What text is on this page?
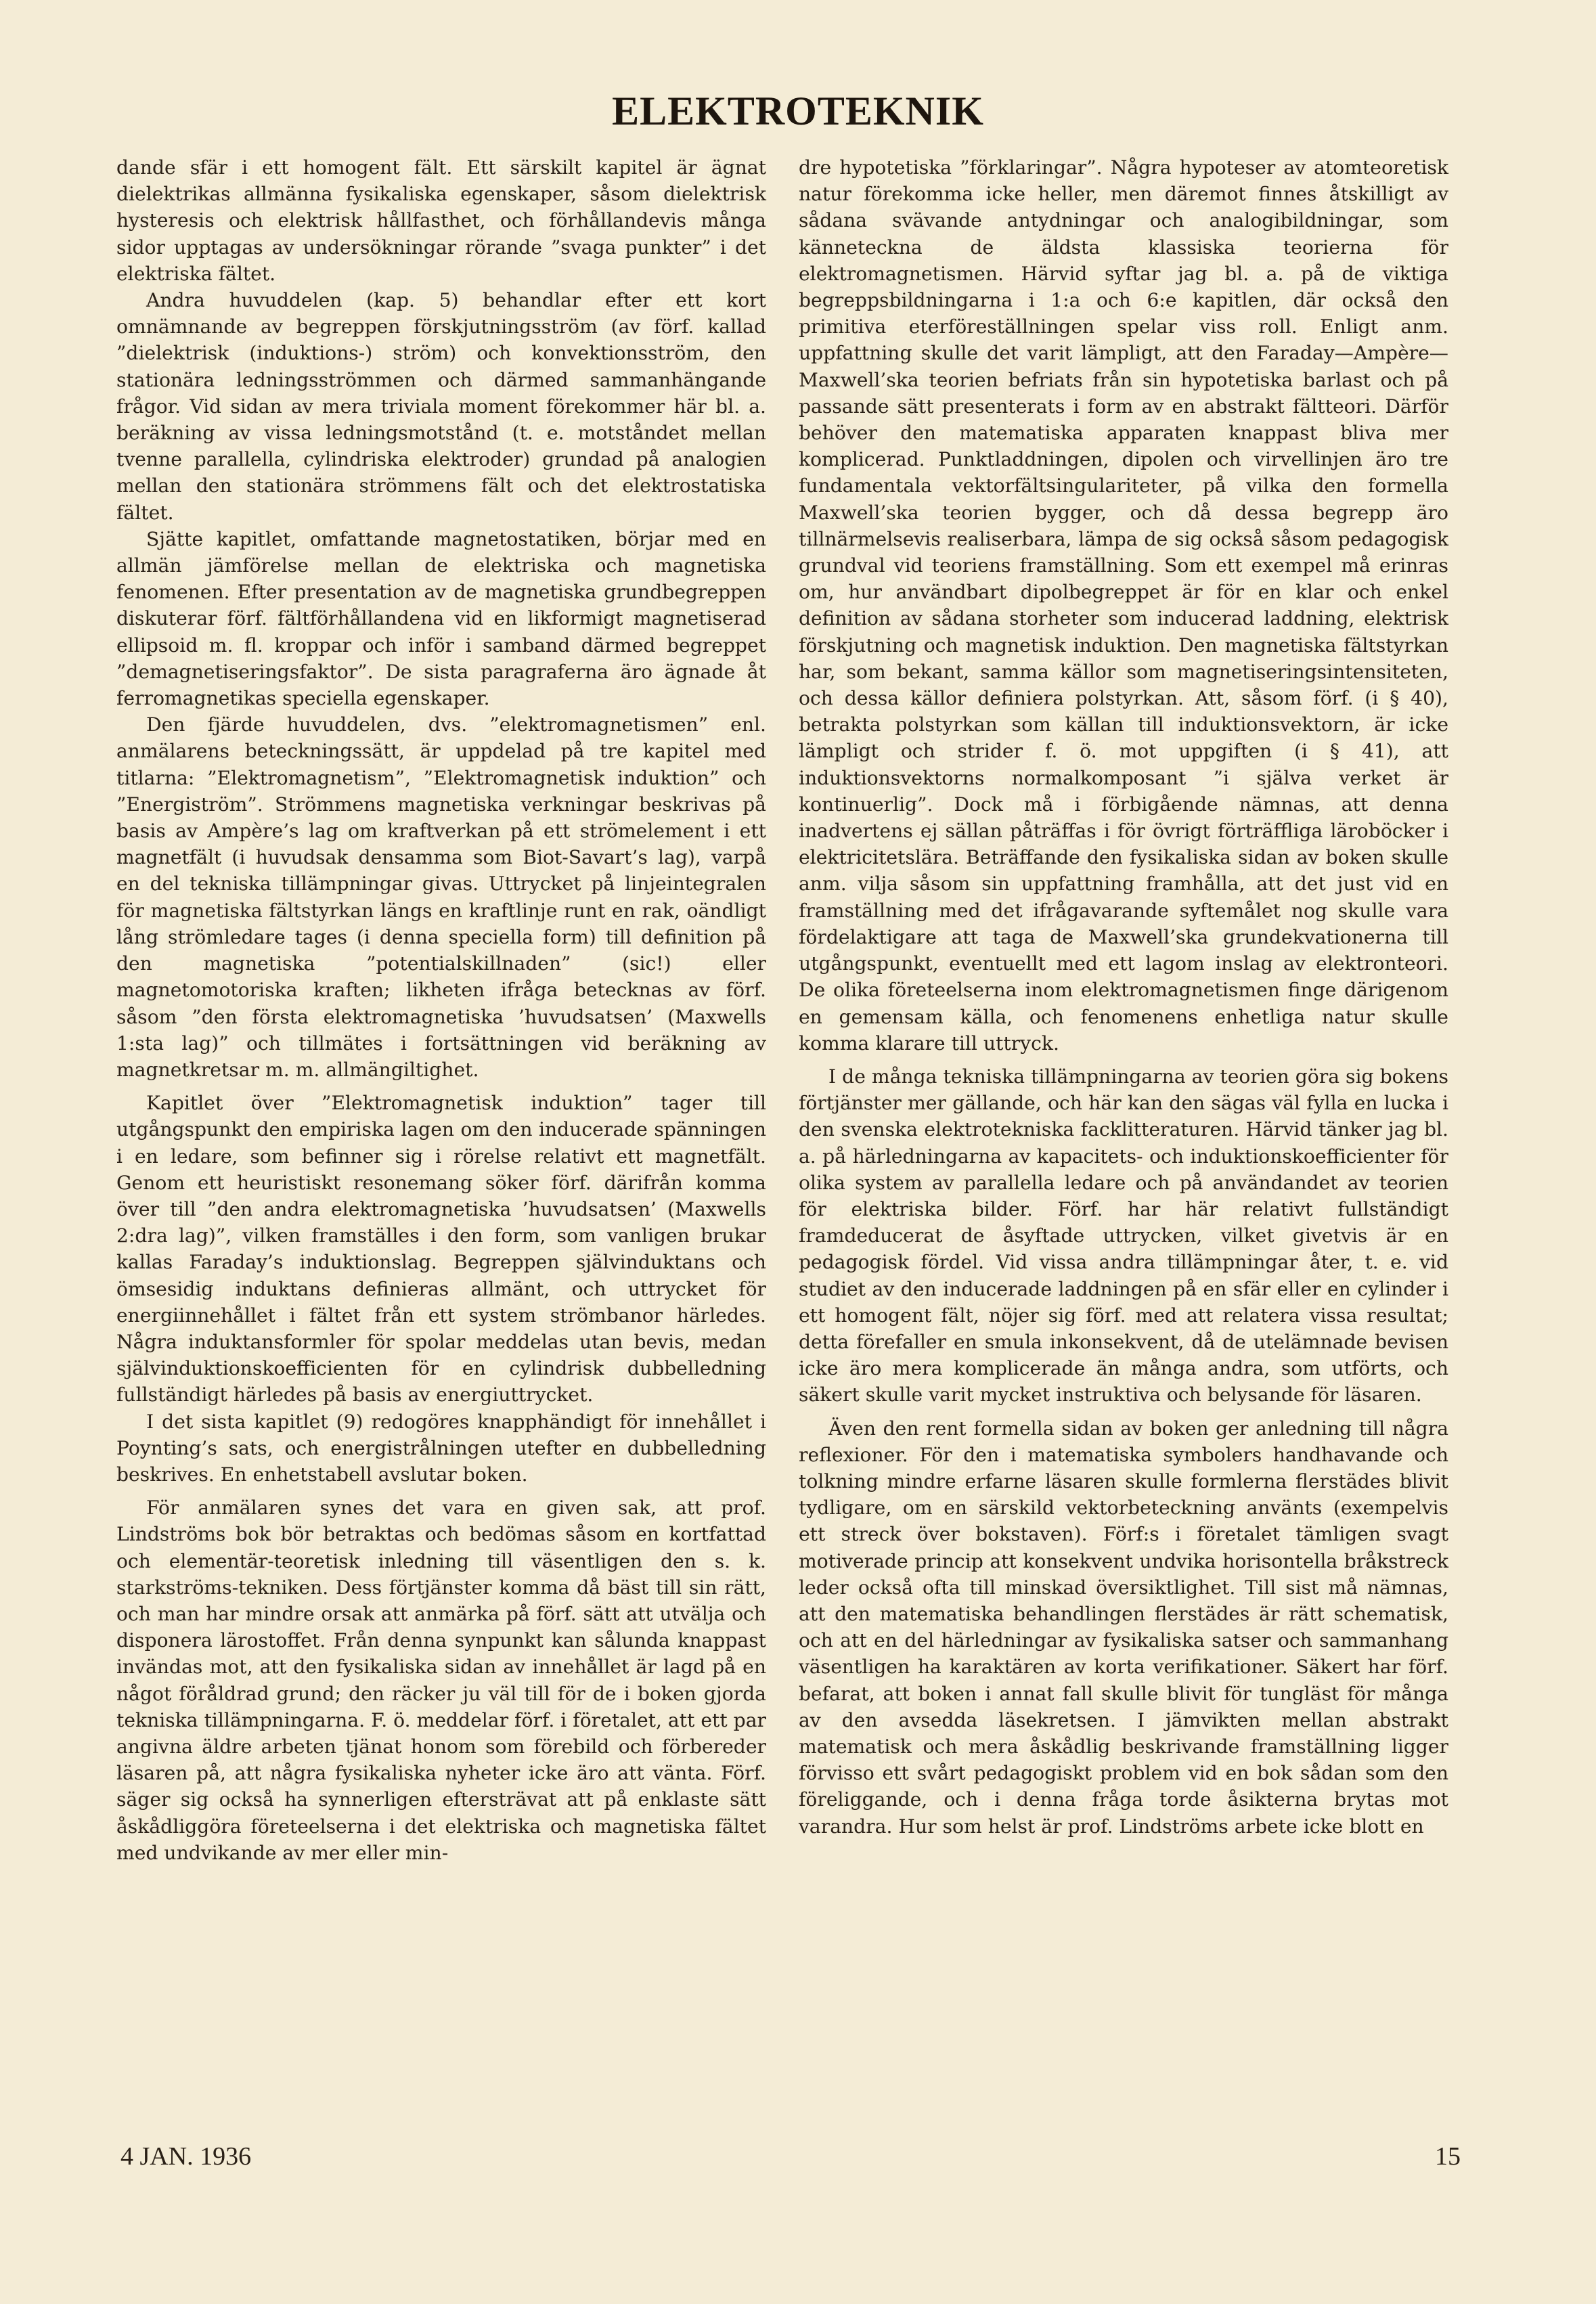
ELEKTROTEKNIK

dande sfär i ett homogent fält. Ett särskilt kapitel är ägnat dielektrikas allmänna fysikaliska egenskaper, såsom dielektrisk hysteresis och elektrisk hållfasthet, och förhållandevis många sidor upptagas av undersökningar rörande ”svaga punkter” i det elektriska fältet.

Andra huvuddelen (kap. 5) behandlar efter ett kort omnämnande av begreppen förskjutningsström (av förf. kallad ”dielektrisk (induktions-) ström) och konvektionsström, den stationära ledningsströmmen och därmed sammanhängande frågor. Vid sidan av mera triviala moment förekommer här bl. a. beräkning av vissa ledningsmotstånd (t. e. motståndet mellan tvenne parallella, cylindriska elektroder) grundad på analogien mellan den stationära strömmens fält och det elektrostatiska fältet.

Sjätte kapitlet, omfattande magnetostatiken, börjar med en allmän jämförelse mellan de elektriska och magnetiska fenomenen. Efter presentation av de magnetiska grundbegreppen diskuterar förf. fältförhållandena vid en likformigt magnetiserad ellipsoid m. fl. kroppar och inför i samband därmed begreppet ”demagnetiseringsfaktor”. De sista paragraferna äro ägnade åt ferromagnetikas speciella egenskaper.

Den fjärde huvuddelen, dvs. ”elektromagnetismen” enl. anmälarens beteckningssätt, är uppdelad på tre kapitel med titlarna: ”Elektromagnetism”, ”Elektromagnetisk induktion” och ”Energiström”. Strömmens magnetiska verkningar beskrivas på basis av Ampère’s lag om kraftverkan på ett strömelement i ett magnetfält (i huvudsak densamma som Biot-Savart’s lag), varpå en del tekniska tillämpningar givas. Uttrycket på linjeintegralen för magnetiska fältstyrkan längs en kraftlinje runt en rak, oändligt lång strömledare tages (i denna speciella form) till definition på den magnetiska ”potentialskillnaden” (sic!) eller magnetomotoriska kraften; likheten ifråga betecknas av förf. såsom ”den första elektromagnetiska ’huvudsatsen’ (Maxwells 1:sta lag)” och tillmätes i fortsättningen vid beräkning av magnetkretsar m. m. allmängiltighet.

Kapitlet över ”Elektromagnetisk induktion” tager till utgångspunkt den empiriska lagen om den inducerade spänningen i en ledare, som befinner sig i rörelse relativt ett magnetfält. Genom ett heuristiskt resonemang söker förf. därifrån komma över till ”den andra elektromagnetiska ’huvudsatsen’ (Maxwells 2:dra lag)”, vilken framställes i den form, som vanligen brukar kallas Faraday’s induktionslag. Begreppen självinduktans och ömsesidig induktans definieras allmänt, och uttrycket för energiinnehållet i fältet från ett system strömbanor härledes. Några induktansformler för spolar meddelas utan bevis, medan självinduktionskoefficienten för en cylindrisk dubbelledning fullständigt härledes på basis av energiuttrycket.

I det sista kapitlet (9) redogöres knapphändigt för innehållet i Poynting’s sats, och energistrålningen utefter en dubbelledning beskrives. En enhetstabell avslutar boken.

För anmälaren synes det vara en given sak, att prof. Lindströms bok bör betraktas och bedömas såsom en kortfattad och elementär-teoretisk inledning till väsentligen den s. k. starkströms-tekniken. Dess förtjänster komma då bäst till sin rätt, och man har mindre orsak att anmärka på förf. sätt att utvälja och disponera lärostoffet. Från denna synpunkt kan sålunda knappast invändas mot, att den fysikaliska sidan av innehållet är lagd på en något föråldrad grund; den räcker ju väl till för de i boken gjorda tekniska tillämpningarna. F. ö. meddelar förf. i företalet, att ett par angivna äldre arbeten tjänat honom som förebild och förbereder läsaren på, att några fysikaliska nyheter icke äro att vänta. Förf. säger sig också ha synnerligen eftersträvat att på enklaste sätt åskådliggöra företeelserna i det elektriska och magnetiska fältet med undvikande av mer eller min-

dre hypotetiska ”förklaringar”. Några hypoteser av atomteoretisk natur förekomma icke heller, men däremot finnes åtskilligt av sådana svävande antydningar och analogibildningar, som kännetecknа de äldsta klassiska teorierna för elektromagnetismen. Härvid syftar jag bl. a. på de viktiga begreppsbildningarna i 1:a och 6:e kapitlen, där också den primitiva eterföreställningen spelar viss roll. Enligt anm. uppfattning skulle det varit lämpligt, att den Faraday—Ampère—Maxwell’ska teorien befriats från sin hypotetiska barlast och på passande sätt presenterats i form av en abstrakt fältteori. Därför behöver den matematiska apparaten knappast bliva mer komplicerad. Punktladdningen, dipolen och virvellinjen äro tre fundamentala vektorfältsingulariteter, på vilka den formella Maxwell’ska teorien bygger, och då dessa begrepp äro tillnärmelsevis realiserbara, lämpa de sig också såsom pedagogisk grundval vid teoriens framställning. Som ett exempel må erinras om, hur användbart dipolbegreppet är för en klar och enkel definition av sådana storheter som inducerad laddning, elektrisk förskjutning och magnetisk induktion. Den magnetiska fältstyrkan har, som bekant, samma källor som magnetiseringsintensiteten, och dessa källor definiera polstyrkan. Att, såsom förf. (i § 40), betrakta polstyrkan som källan till induktionsvektorn, är icke lämpligt och strider f. ö. mot uppgiften (i § 41), att induktionsvektorns normalkomposant ”i själva verket är kontinuerlig”. Dock må i förbigående nämnas, att denna inadvertens ej sällan påträffas i för övrigt förträffliga läroböcker i elektricitetslära. Beträffande den fysikaliska sidan av boken skulle anm. vilja såsom sin uppfattning framhålla, att det just vid en framställning med det ifrågavarande syftemålet nog skulle vara fördelaktigare att taga de Maxwell’ska grundekvationerna till utgångspunkt, eventuellt med ett lagom inslag av elektronteori. De olika företeelserna inom elektromagnetismen finge därigenom en gemensam källa, och fenomenens enhetliga natur skulle komma klarare till uttryck.

I de många tekniska tillämpningarna av teorien göra sig bokens förtjänster mer gällande, och här kan den sägas väl fylla en lucka i den svenska elektrotekniska facklitteraturen. Härvid tänker jag bl. a. på härledningarna av kapacitets- och induktionskoefficienter för olika system av parallella ledare och på användandet av teorien för elektriska bilder. Förf. har här relativt fullständigt framdeducerat de åsyftade uttrycken, vilket givetvis är en pedagogisk fördel. Vid vissa andra tillämpningar åter, t. e. vid studiet av den inducerade laddningen på en sfär eller en cylinder i ett homogent fält, nöjer sig förf. med att relatera vissa resultat; detta förefaller en smula inkonsekvent, då de utelämnade bevisen icke äro mera komplicerade än många andra, som utförts, och säkert skulle varit mycket instruktiva och belysande för läsaren.

Även den rent formella sidan av boken ger anledning till några reflexioner. För den i matematiska symbolers handhavande och tolkning mindre erfarne läsaren skulle formlerna flerstädes blivit tydligare, om en särskild vektorbeteckning använts (exempelvis ett streck över bokstaven). Förf:s i företalet tämligen svagt motiverade princip att konsekvent undvika horisontella bråkstreck leder också ofta till minskad översiktlighet. Till sist må nämnas, att den matematiska behandlingen flerstädes är rätt schematisk, och att en del härledningar av fysikaliska satser och sammanhang väsentligen ha karaktären av korta verifikationer. Säkert har förf. befarat, att boken i annat fall skulle blivit för tungläst för många av den avsedda läsekretsen. I jämvikten mellan abstrakt matematisk och mera åskådlig beskrivande framställning ligger förvisso ett svårt pedagogiskt problem vid en bok sådan som den föreliggande, och i denna fråga torde åsikterna brytas mot varandra. Hur som helst är prof. Lindströms arbete icke blott en

4 JAN. 1936	15
